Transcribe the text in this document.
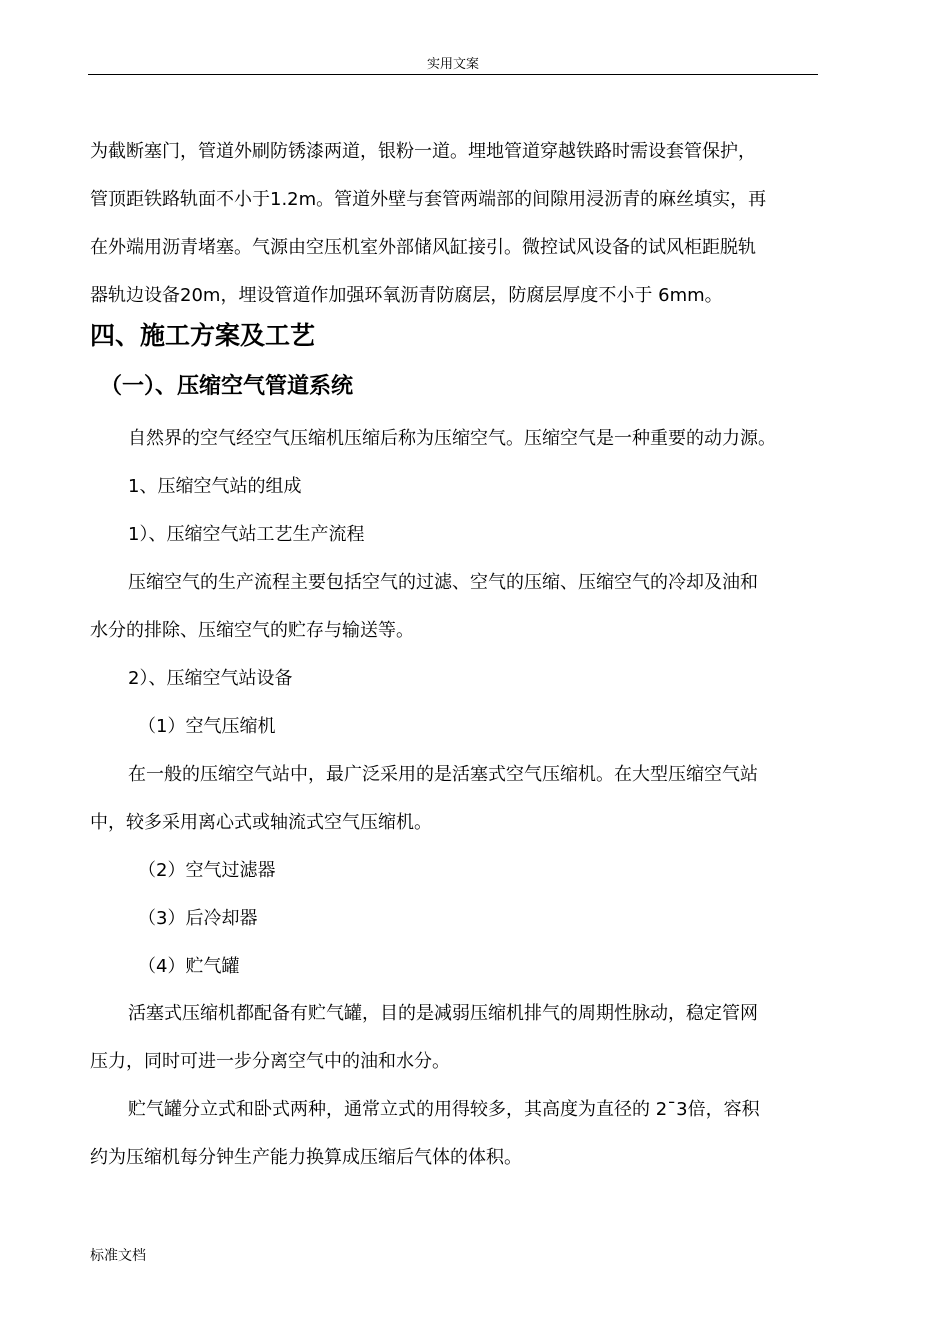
实用文案
为截断塞门，管道外刷防锈漆两道，银粉一道。埋地管道穿越铁路时需设套管保护，
管顶距铁路轨面不小于1.2m。管道外壁与套管两端部的间隙用浸沥青的麻丝填实，再
在外端用沥青堵塞。气源由空压机室外部储风缸接引。微控试风设备的试风柜距脱轨
器轨边设备20m，埋设管道作加强环氧沥青防腐层，防腐层厚度不小于 6mm。
四、施工方案及工艺
（一）、压缩空气管道系统
自然界的空气经空气压缩机压缩后称为压缩空气。压缩空气是一种重要的动力源。
1、压缩空气站的组成
1）、压缩空气站工艺生产流程
压缩空气的生产流程主要包括空气的过滤、空气的压缩、压缩空气的冷却及油和
水分的排除、压缩空气的贮存与输送等。
2）、压缩空气站设备
（1）空气压缩机
在一般的压缩空气站中，最广泛采用的是活塞式空气压缩机。在大型压缩空气站
中，较多采用离心式或轴流式空气压缩机。
（2）空气过滤器
（3）后冷却器
（4）贮气罐
活塞式压缩机都配备有贮气罐，目的是减弱压缩机排气的周期性脉动，稳定管网
压力，同时可进一步分离空气中的油和水分。
贮气罐分立式和卧式两种，通常立式的用得较多，其高度为直径的 2¯3倍，容积
约为压缩机每分钟生产能力换算成压缩后气体的体积。
标准文档
